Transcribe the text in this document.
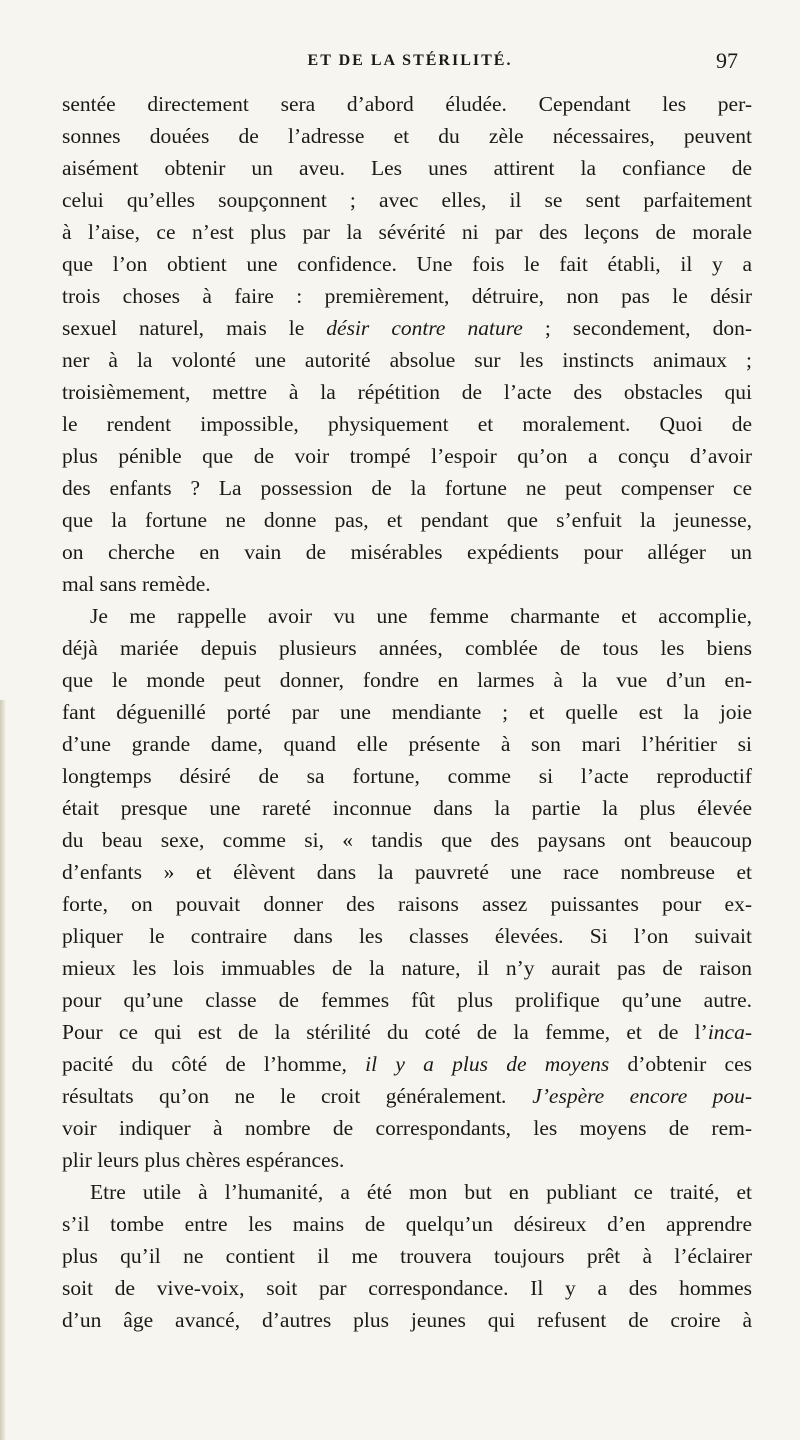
ET DE LA STÉRILITÉ.	97

sentée directement sera d’abord éludée. Cependant les per-
sonnes douées de l’adresse et du zèle nécessaires, peuvent
aisément obtenir un aveu. Les unes attirent la confiance de
celui qu’elles soupçonnent ; avec elles, il se sent parfaitement
à l’aise, ce n’est plus par la sévérité ni par des leçons de morale
que l’on obtient une confidence. Une fois le fait établi, il y a
trois choses à faire : premièrement, détruire, non pas le désir
sexuel naturel, mais le désir contre nature ; secondement, don-
ner à la volonté une autorité absolue sur les instincts animaux ;
troisièmement, mettre à la répétition de l’acte des obstacles qui
le rendent impossible, physiquement et moralement. Quoi de
plus pénible que de voir trompé l’espoir qu’on a conçu d’avoir
des enfants ? La possession de la fortune ne peut compenser ce
que la fortune ne donne pas, et pendant que s’enfuit la jeunesse,
on cherche en vain de misérables expédients pour alléger un
mal sans remède.

Je me rappelle avoir vu une femme charmante et accomplie,
déjà mariée depuis plusieurs années, comblée de tous les biens
que le monde peut donner, fondre en larmes à la vue d’un en-
fant déguenillé porté par une mendiante ; et quelle est la joie
d’une grande dame, quand elle présente à son mari l’héritier si
longtemps désiré de sa fortune, comme si l’acte reproductif
était presque une rareté inconnue dans la partie la plus élevée
du beau sexe, comme si, « tandis que des paysans ont beaucoup
d’enfants » et élèvent dans la pauvreté une race nombreuse et
forte, on pouvait donner des raisons assez puissantes pour ex-
pliquer le contraire dans les classes élevées. Si l’on suivait
mieux les lois immuables de la nature, il n’y aurait pas de raison
pour qu’une classe de femmes fût plus prolifique qu’une autre.
Pour ce qui est de la stérilité du coté de la femme, et de l’inca-
pacité du côté de l’homme, il y a plus de moyens d’obtenir ces
résultats qu’on ne le croit généralement. J’espère encore pou-
voir indiquer à nombre de correspondants, les moyens de rem-
plir leurs plus chères espérances.

Etre utile à l’humanité, a été mon but en publiant ce traité, et
s’il tombe entre les mains de quelqu’un désireux d’en apprendre
plus qu’il ne contient il me trouvera toujours prêt à l’éclairer
soit de vive-voix, soit par correspondance. Il y a des hommes
d’un âge avancé, d’autres plus jeunes qui refusent de croire à
